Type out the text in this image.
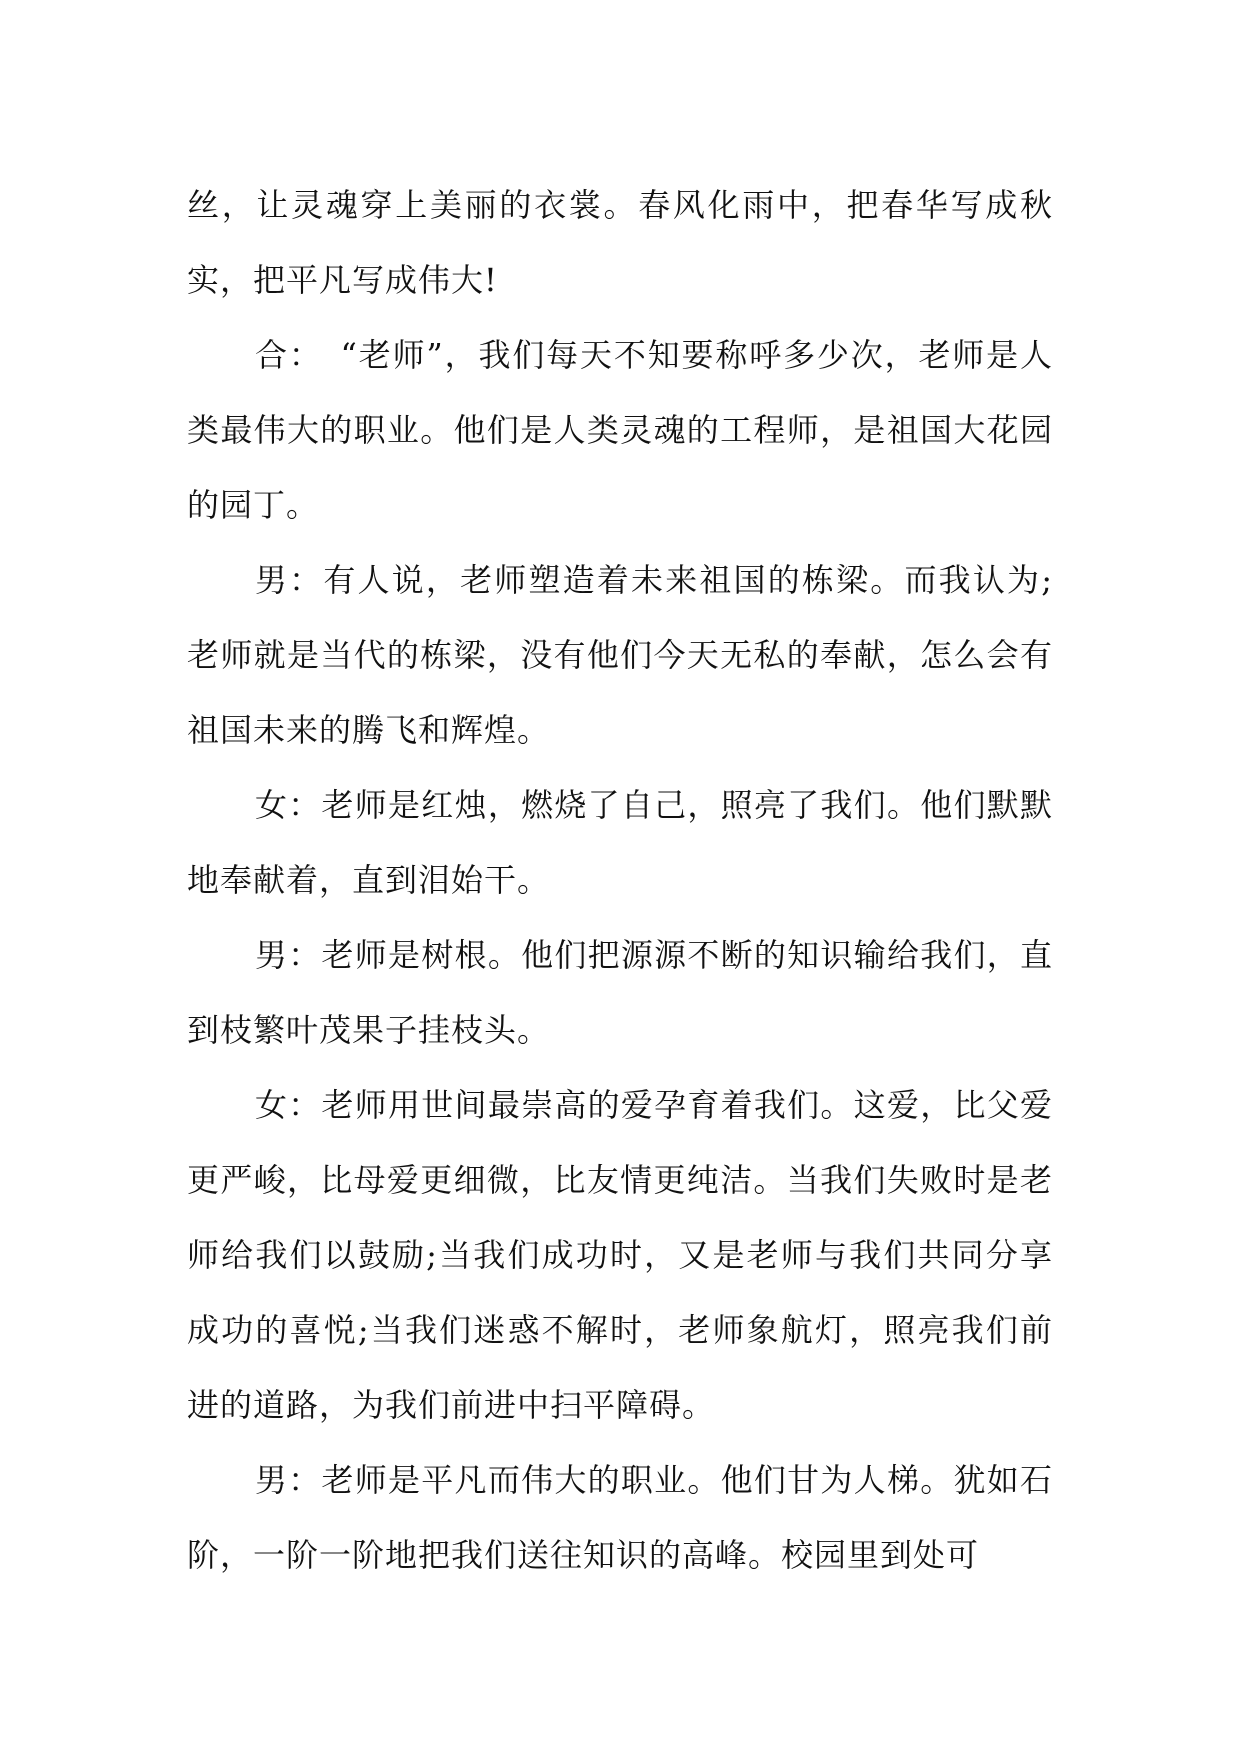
丝，让灵魂穿上美丽的衣裳。春风化雨中，把春华写成秋实，把平凡写成伟大!

合：　“老师”，我们每天不知要称呼多少次，老师是人类最伟大的职业。他们是人类灵魂的工程师，是祖国大花园的园丁。

男：有人说，老师塑造着未来祖国的栋梁。而我认为;老师就是当代的栋梁，没有他们今天无私的奉献，怎么会有祖国未来的腾飞和辉煌。

女：老师是红烛，燃烧了自己，照亮了我们。他们默默地奉献着，直到泪始干。

男：老师是树根。他们把源源不断的知识输给我们，直到枝繁叶茂果子挂枝头。

女：老师用世间最崇高的爱孕育着我们。这爱，比父爱更严峻，比母爱更细微，比友情更纯洁。当我们失败时是老师给我们以鼓励;当我们成功时，又是老师与我们共同分享成功的喜悦;当我们迷惑不解时，老师象航灯，照亮我们前进的道路，为我们前进中扫平障碍。

男：老师是平凡而伟大的职业。他们甘为人梯。犹如石阶，一阶一阶地把我们送往知识的高峰。校园里到处可
